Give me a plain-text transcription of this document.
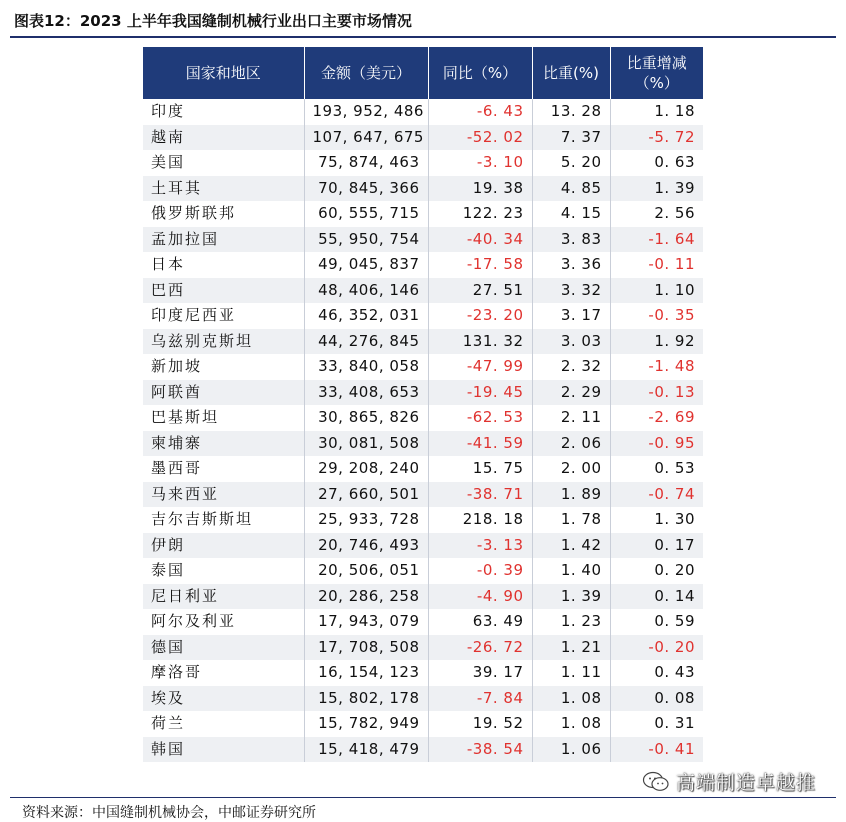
图表12：2023 上半年我国缝制机械行业出口主要市场情况
国家和地区	金额（美元）	同比（%）	比重(%)	比重增减
（%）
印度	193, 952, 486	-6. 43	13. 28	1. 18
越南	107, 647, 675	-52. 02	7. 37	-5. 72
美国	75, 874, 463	-3. 10	5. 20	0. 63
土耳其	70, 845, 366	19. 38	4. 85	1. 39
俄罗斯联邦	60, 555, 715	122. 23	4. 15	2. 56
孟加拉国	55, 950, 754	-40. 34	3. 83	-1. 64
日本	49, 045, 837	-17. 58	3. 36	-0. 11
巴西	48, 406, 146	27. 51	3. 32	1. 10
印度尼西亚	46, 352, 031	-23. 20	3. 17	-0. 35
乌兹别克斯坦	44, 276, 845	131. 32	3. 03	1. 92
新加坡	33, 840, 058	-47. 99	2. 32	-1. 48
阿联酋	33, 408, 653	-19. 45	2. 29	-0. 13
巴基斯坦	30, 865, 826	-62. 53	2. 11	-2. 69
柬埔寨	30, 081, 508	-41. 59	2. 06	-0. 95
墨西哥	29, 208, 240	15. 75	2. 00	0. 53
马来西亚	27, 660, 501	-38. 71	1. 89	-0. 74
吉尔吉斯斯坦	25, 933, 728	218. 18	1. 78	1. 30
伊朗	20, 746, 493	-3. 13	1. 42	0. 17
泰国	20, 506, 051	-0. 39	1. 40	0. 20
尼日利亚	20, 286, 258	-4. 90	1. 39	0. 14
阿尔及利亚	17, 943, 079	63. 49	1. 23	0. 59
德国	17, 708, 508	-26. 72	1. 21	-0. 20
摩洛哥	16, 154, 123	39. 17	1. 11	0. 43
埃及	15, 802, 178	-7. 84	1. 08	0. 08
荷兰	15, 782, 949	19. 52	1. 08	0. 31
韩国	15, 418, 479	-38. 54	1. 06	-0. 41
资料来源：中国缝制机械协会，中邮证券研究所
高端制造卓越推
